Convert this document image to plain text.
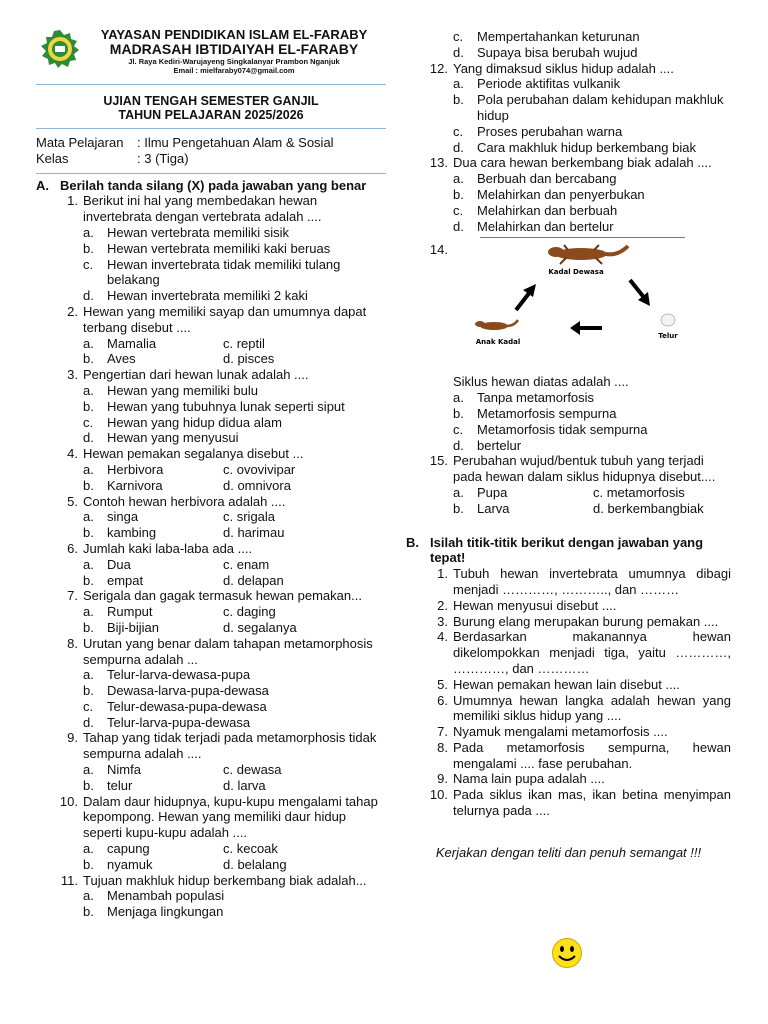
YAYASAN PENDIDIKAN ISLAM EL-FARABY
MADRASAH IBTIDAIYAH EL-FARABY
Jl. Raya Kediri-Warujayeng Singkalanyar Prambon Nganjuk
Email : mielfaraby074@gmail.com
UJIAN TENGAH SEMESTER GANJIL
TAHUN PELAJARAN 2025/2026
Mata Pelajaran	: Ilmu Pengetahuan Alam & Sosial
Kelas	: 3 (Tiga)
A. Berilah tanda silang (X) pada jawaban yang benar
1. Berikut ini hal yang membedakan hewan invertebrata dengan vertebrata adalah ....
a.	Hewan vertebrata memiliki sisik
b.	Hewan vertebrata memiliki kaki beruas
c.	Hewan invertebrata tidak memiliki tulang belakang
d.	Hewan invertebrata memiliki 2 kaki
2. Hewan yang memiliki sayap dan umumnya dapat terbang disebut ....
a.	Mamalia	c. reptil
b.	Aves	d. pisces
3. Pengertian dari hewan lunak adalah ....
a.	Hewan yang memiliki bulu
b.	Hewan yang tubuhnya lunak seperti siput
c.	Hewan yang hidup didua alam
d.	Hewan yang menyusui
4. Hewan pemakan segalanya disebut ...
a.	Herbivora	c. ovovivipar
b.	Karnivora	d. omnivora
5. Contoh hewan herbivora adalah ....
a.	singa	c. srigala
b.	kambing	d. harimau
6. Jumlah kaki laba-laba ada ....
a.	Dua	c. enam
b.	empat	d. delapan
7. Serigala dan gagak termasuk hewan pemakan...
a.	Rumput	c. daging
b.	Biji-bijian	d. segalanya
8. Urutan yang benar dalam tahapan metamorphosis sempurna adalah ...
a.	Telur-larva-dewasa-pupa
b.	Dewasa-larva-pupa-dewasa
c.	Telur-dewasa-pupa-dewasa
d.	Telur-larva-pupa-dewasa
9. Tahap yang tidak terjadi pada metamorphosis tidak sempurna adalah ....
a.	Nimfa	c. dewasa
b.	telur	d. larva
10. Dalam daur hidupnya, kupu-kupu mengalami tahap kepompong. Hewan yang memiliki daur hidup seperti kupu-kupu adalah ....
a.	capung	c. kecoak
b.	nyamuk	d. belalang
11. Tujuan makhluk hidup berkembang biak adalah...
a.	Menambah populasi
b.	Menjaga lingkungan
c.	Mempertahankan keturunan
d.	Supaya bisa berubah wujud
12. Yang dimaksud siklus hidup adalah ....
a.	Periode aktifitas vulkanik
b.	Pola perubahan dalam kehidupan makhluk hidup
c.	Proses perubahan warna
d.	Cara makhluk hidup berkembang biak
13. Dua cara hewan berkembang biak adalah ....
a.	Berbuah dan bercabang
b.	Melahirkan dan penyerbukan
c.	Melahirkan dan berbuah
d.	Melahirkan dan bertelur
14.
Kadal Dewasa
Telur
Anak Kadal
Siklus hewan diatas adalah ....
a.	Tanpa metamorfosis
b.	Metamorfosis sempurna
c.	Metamorfosis tidak sempurna
d.	bertelur
15. Perubahan wujud/bentuk tubuh yang terjadi pada hewan dalam siklus hidupnya disebut....
a.	Pupa	c. metamorfosis
b.	Larva	d. berkembangbiak
B. Isilah titik-titik berikut dengan jawaban yang tepat!
1. Tubuh hewan invertebrata umumnya dibagi menjadi …………, ……….., dan ………
2. Hewan menyusui disebut ....
3. Burung elang merupakan burung pemakan ....
4. Berdasarkan makanannya hewan dikelompokkan menjadi tiga, yaitu …………, …………, dan …………
5. Hewan pemakan hewan lain disebut ....
6. Umumnya hewan langka adalah hewan yang memiliki siklus hidup yang ....
7. Nyamuk mengalami metamorfosis ....
8. Pada metamorfosis sempurna, hewan mengalami .... fase perubahan.
9. Nama lain pupa adalah ....
10. Pada siklus ikan mas, ikan betina menyimpan telurnya pada ....
Kerjakan dengan teliti dan penuh semangat !!!
